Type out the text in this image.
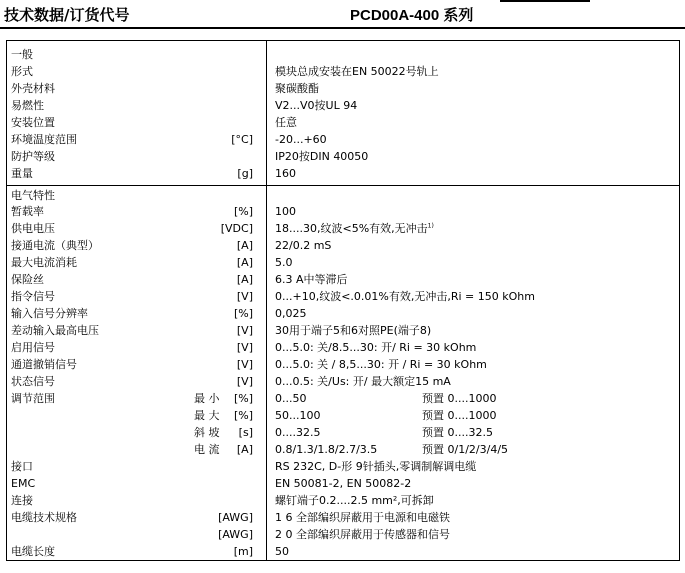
技术数据/订货代号	PCD00A-400 系列
一般
形式	模块总成安装在EN 50022号轨上
外壳材料	聚碳酸酯
易燃性	V2...V0按UL 94
安装位置	任意
环境温度范围	[°C] -20...+60
防护等级	IP20按DIN 40050
重量	[g] 160
电气特性
暂载率	[%] 100
供电电压	[VDC] 18....30,纹波<5%有效,无冲击$^{1)}$
接通电流（典型）	[A] 22/0.2 mS
最大电流消耗	[A] 5.0
保险丝	[A] 6.3 A中等滞后
指令信号	[V] 0...+10,纹波<.0.01%有效,无冲击,Ri = 150 kOhm
输入信号分辨率	[%] 0,025
差动输入最高电压	[V] 30用于端子5和6对照PE(端子8)
启用信号	[V] 0...5.0: 关/8.5...30: 开/ Ri = 30 kOhm
通道撤销信号	[V] 0...5.0: 关 / 8,5...30: 开 / Ri = 30 kOhm
状态信号	[V] 0...0.5: 关/Us: 开/ 最大额定15 mA
调节范围	最 小 [%] 0...50	预置 0....1000
最 大 [%] 50...100	预置 0....1000
斜 坡 [s] 0....32.5	预置 0....32.5
电 流 [A] 0.8/1.3/1.8/2.7/3.5	预置 0/1/2/3/4/5
接口	RS 232C, D-形 9针插头,零调制解调电缆
EMC	EN 50081-2, EN 50082-2
连接	螺钉端子0.2....2.5 mm²,可拆卸
电缆技术规格	[AWG] 1 6 全部编织屏蔽用于电源和电磁铁
[AWG] 2 0 全部编织屏蔽用于传感器和信号
电缆长度	[m] 50
